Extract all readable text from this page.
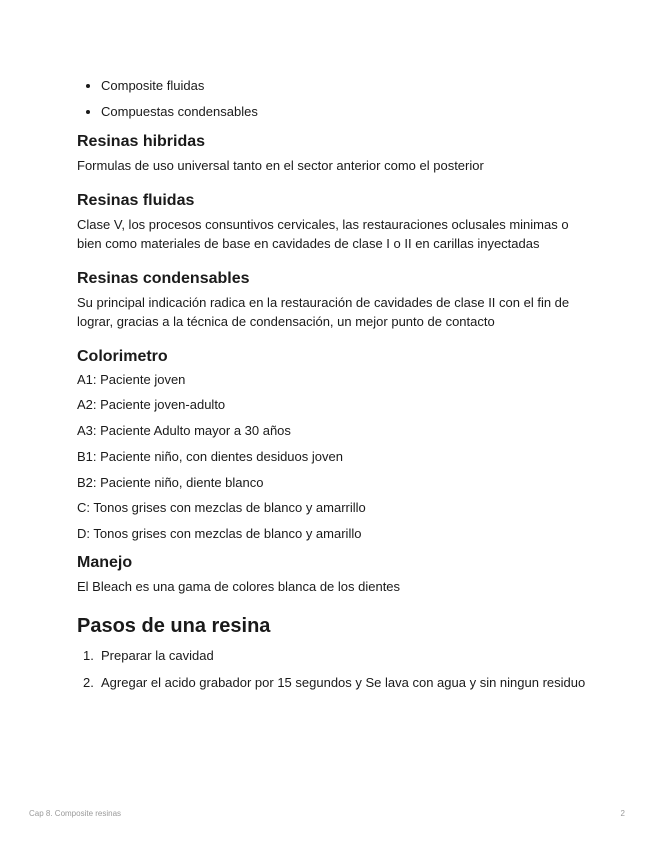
Composite fluidas
Compuestas condensables
Resinas hibridas

Formulas de uso universal tanto en el sector anterior como el posterior

Resinas fluidas

Clase V, los procesos consuntivos cervicales, las restauraciones oclusales minimas o bien como materiales de base en cavidades de clase I o II en carillas inyectadas

Resinas condensables

Su principal indicación radica en la restauración de cavidades de clase II con el fin de lograr, gracias a la técnica de condensación, un mejor punto de contacto

Colorimetro

A1: Paciente joven

A2: Paciente joven-adulto

A3: Paciente Adulto mayor a 30 años

B1: Paciente niño, con dientes desiduos joven

B2: Paciente niño, diente blanco

C: Tonos grises con mezclas de blanco y amarrillo

D: Tonos grises con mezclas de blanco y amarillo

Manejo

El Bleach es una gama de colores blanca de los dientes

Pasos de una resina
1. Preparar la cavidad
2. Agregar el acido grabador por 15 segundos y Se lava con agua y sin ningun residuo
Cap 8. Composite resinas	2
